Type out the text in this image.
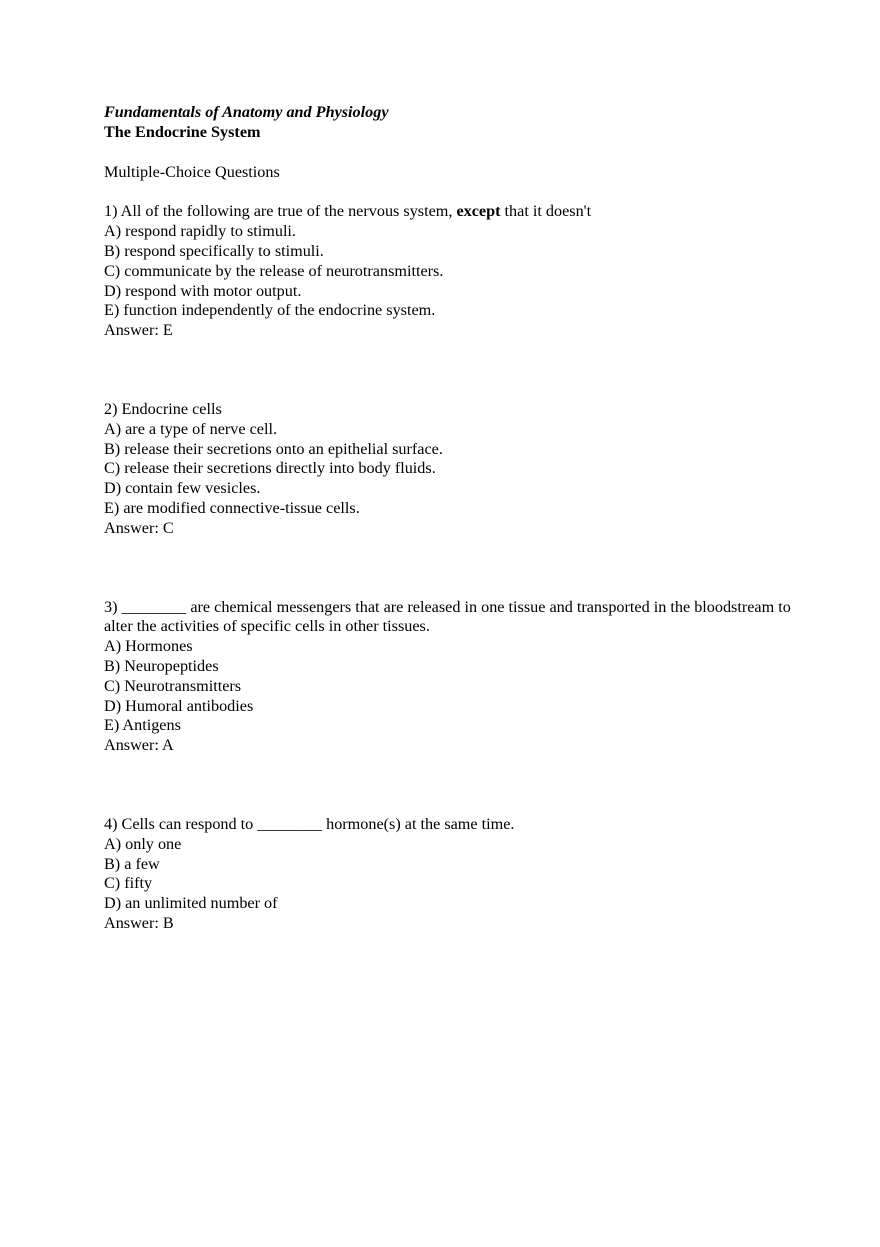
Fundamentals of Anatomy and Physiology
The Endocrine System
Multiple-Choice Questions
1) All of the following are true of the nervous system, except that it doesn't
A) respond rapidly to stimuli.
B) respond specifically to stimuli.
C) communicate by the release of neurotransmitters.
D) respond with motor output.
E) function independently of the endocrine system.
Answer: E
2) Endocrine cells
A) are a type of nerve cell.
B) release their secretions onto an epithelial surface.
C) release their secretions directly into body fluids.
D) contain few vesicles.
E) are modified connective-tissue cells.
Answer: C
3) ________ are chemical messengers that are released in one tissue and transported in the bloodstream to alter the activities of specific cells in other tissues.
A) Hormones
B) Neuropeptides
C) Neurotransmitters
D) Humoral antibodies
E) Antigens
Answer: A
4) Cells can respond to ________ hormone(s) at the same time.
A) only one
B) a few
C) fifty
D) an unlimited number of
Answer: B
